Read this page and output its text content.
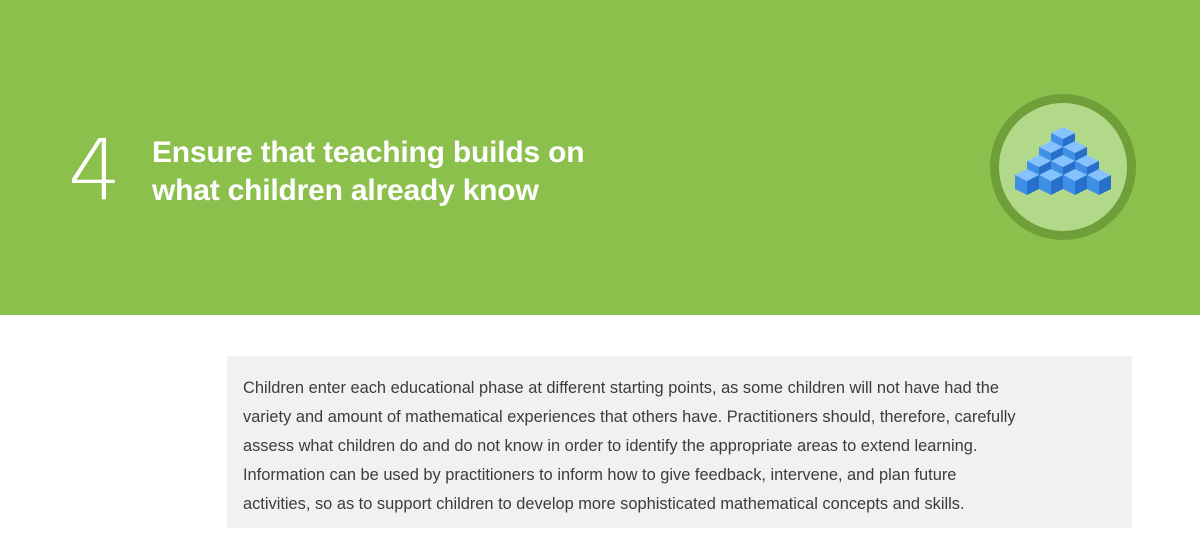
4 Ensure that teaching builds on
what children already know

Children enter each educational phase at different starting points, as some children will not have had the
variety and amount of mathematical experiences that others have. Practitioners should, therefore, carefully
assess what children do and do not know in order to identify the appropriate areas to extend learning.
Information can be used by practitioners to inform how to give feedback, intervene, and plan future
activities, so as to support children to develop more sophisticated mathematical concepts and skills.
